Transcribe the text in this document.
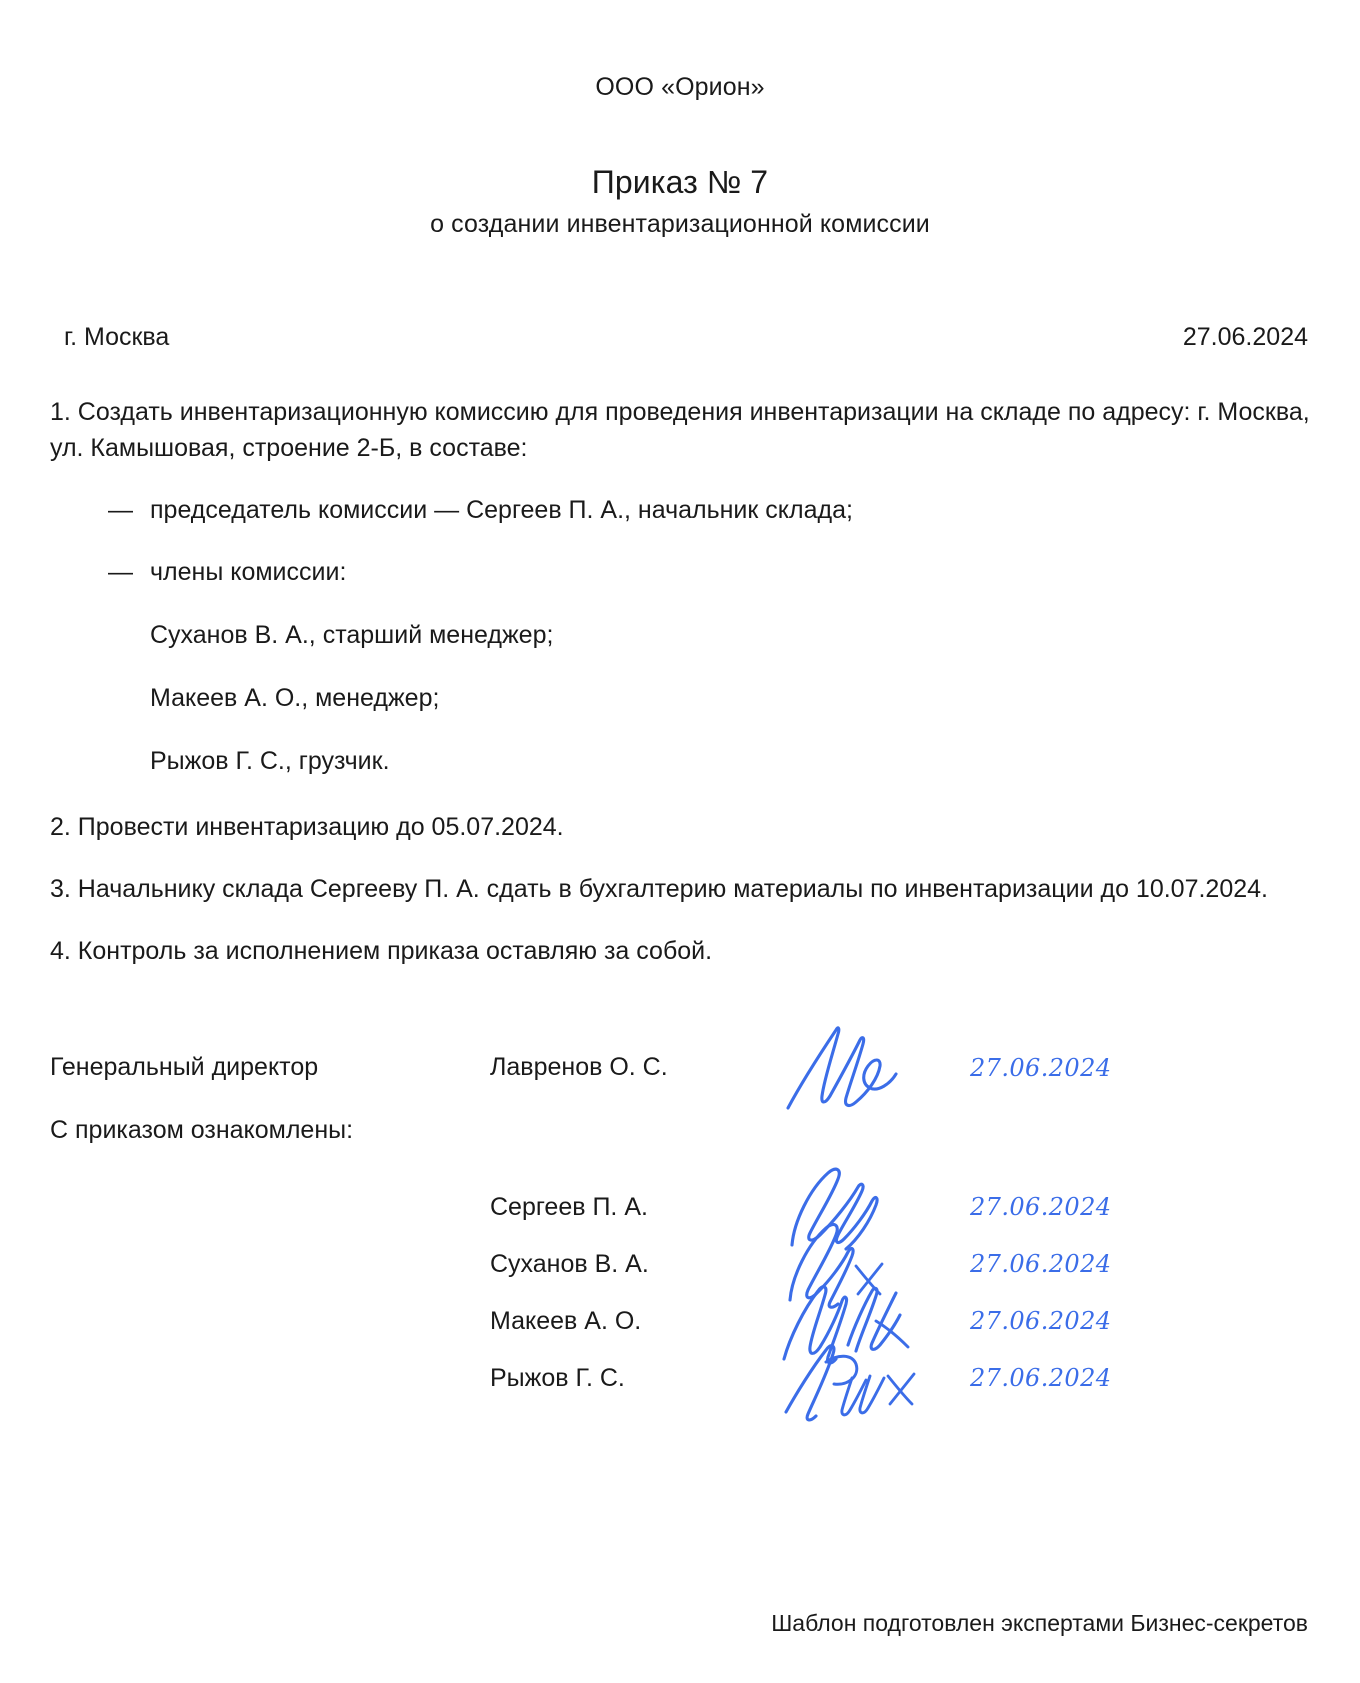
ООО «Орион»
Приказ № 7
о создании инвентаризационной комиссии
г. Москва	27.06.2024

1. Создать инвентаризационную комиссию для проведения инвентаризации на складе по адресу: г. Москва, ул. Камышовая, строение 2-Б, в составе:

— председатель комиссии — Сергеев П. А., начальник склада;
— члены комиссии:
Суханов В. А., старший менеджер;
Макеев А. О., менеджер;
Рыжов Г. С., грузчик.

2. Провести инвентаризацию до 05.07.2024.

3. Начальнику склада Сергееву П. А. сдать в бухгалтерию материалы по инвентаризации до 10.07.2024.

4. Контроль за исполнением приказа оставляю за собой.

Генеральный директор	Лавренов О. С.	27.06.2024
С приказом ознакомлены:
Сергеев П. А.	27.06.2024
Суханов В. А.	27.06.2024
Макеев А. О.	27.06.2024
Рыжов Г. С.	27.06.2024
Шаблон подготовлен экспертами Бизнес-секретов
